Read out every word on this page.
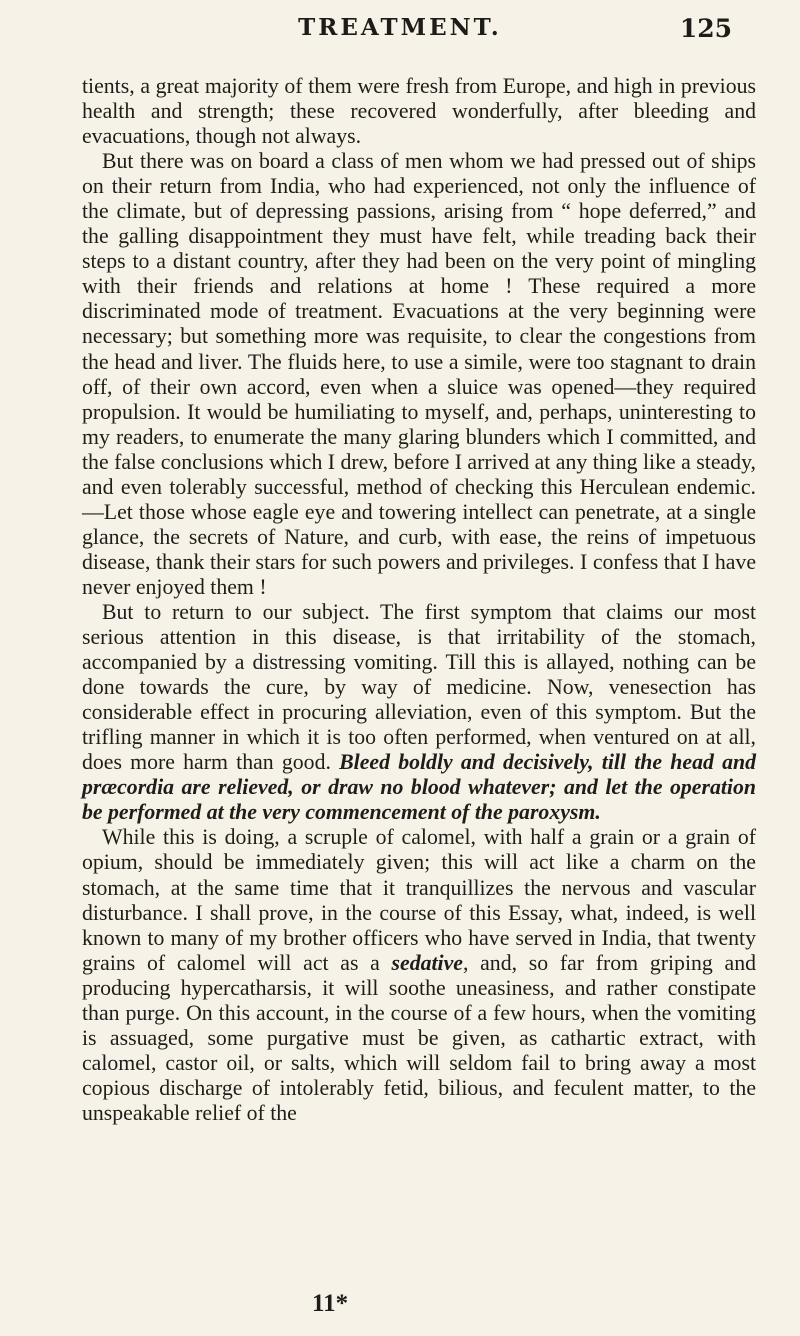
TREATMENT.	125

tients, a great majority of them were fresh from Europe, and high in previous health and strength; these recovered wonderfully, after bleeding and evacuations, though not always.

But there was on board a class of men whom we had pressed out of ships on their return from India, who had experienced, not only the influence of the climate, but of depressing passions, arising from “ hope deferred,” and the galling disappointment they must have felt, while treading back their steps to a distant country, after they had been on the very point of mingling with their friends and relations at home ! These required a more discriminated mode of treatment. Evacuations at the very beginning were necessary; but something more was requisite, to clear the congestions from the head and liver. The fluids here, to use a simile, were too stagnant to drain off, of their own accord, even when a sluice was opened—they required propulsion. It would be humiliating to myself, and, perhaps, uninteresting to my readers, to enumerate the many glaring blunders which I committed, and the false conclusions which I drew, before I arrived at any thing like a steady, and even tolerably successful, method of checking this Herculean endemic.—Let those whose eagle eye and towering intellect can penetrate, at a single glance, the secrets of Nature, and curb, with ease, the reins of impetuous disease, thank their stars for such powers and privileges. I confess that I have never enjoyed them !

But to return to our subject. The first symptom that claims our most serious attention in this disease, is that irritability of the stomach, accompanied by a distressing vomiting. Till this is allayed, nothing can be done towards the cure, by way of medicine. Now, venesection has considerable effect in procuring alleviation, even of this symptom. But the trifling manner in which it is too often performed, when ventured on at all, does more harm than good. Bleed boldly and decisively, till the head and præcordia are relieved, or draw no blood whatever; and let the operation be performed at the very commencement of the paroxysm.

While this is doing, a scruple of calomel, with half a grain or a grain of opium, should be immediately given; this will act like a charm on the stomach, at the same time that it tranquillizes the nervous and vascular disturbance. I shall prove, in the course of this Essay, what, indeed, is well known to many of my brother officers who have served in India, that twenty grains of calomel will act as a sedative, and, so far from griping and producing hypercatharsis, it will soothe uneasiness, and rather constipate than purge. On this account, in the course of a few hours, when the vomiting is assuaged, some purgative must be given, as cathartic extract, with calomel, castor oil, or salts, which will seldom fail to bring away a most copious discharge of intolerably fetid, bilious, and feculent matter, to the unspeakable relief of the

11*
